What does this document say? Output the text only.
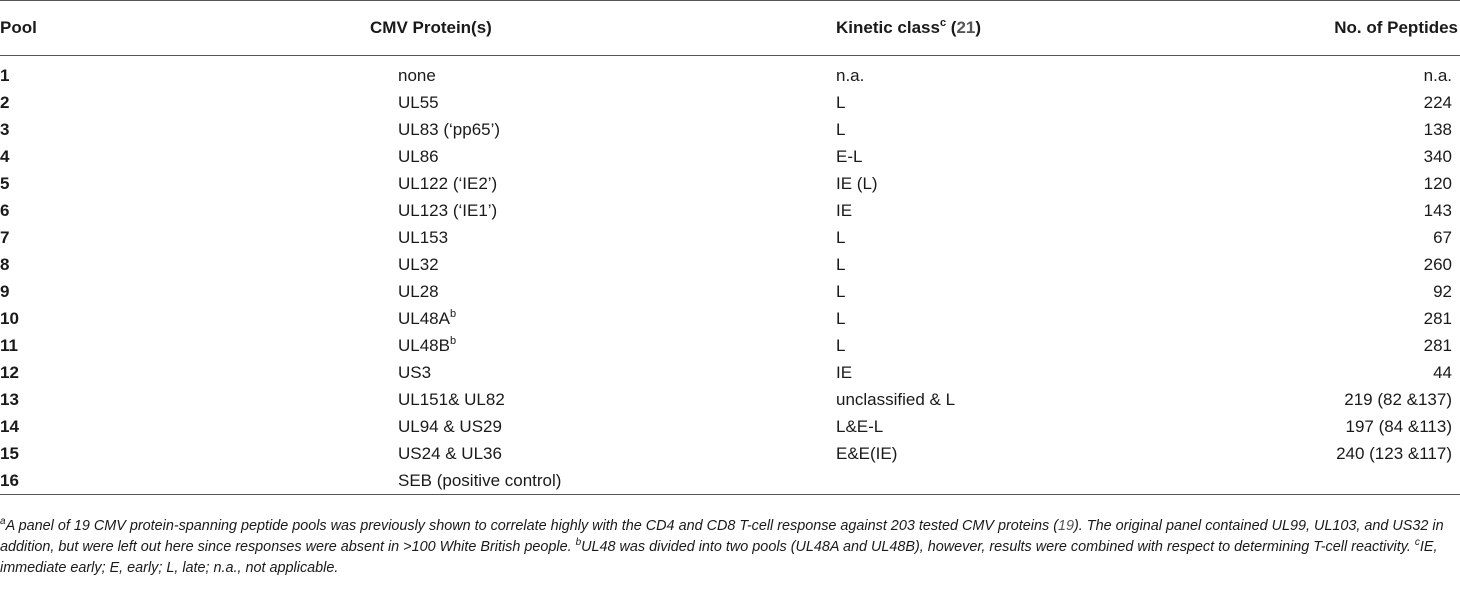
Pool	CMV Protein(s)	Kinetic class$^c$ (21)	No. of Peptides
1	none	n.a.	n.a.
2	UL55	L	224
3	UL83 (‘pp65’)	L	138
4	UL86	E-L	340
5	UL122 (‘IE2’)	IE (L)	120
6	UL123 (‘IE1’)	IE	143
7	UL153	L	67
8	UL32	L	260
9	UL28	L	92
10	$UL48A^b$	L	281
11	$UL48B^b$	L	281
12	US3	IE	44
13	UL151& UL82	unclassified & L	219 (82 &137)
14	UL94 & US29	L&E-L	197 (84 &113)
15	US24 & UL36	E&E(IE)	240 (123 &117)
16	SEB (positive control)		
$^a$A panel of 19 CMV protein-spanning peptide pools was previously shown to correlate highly with the CD4 and CD8 T-cell response against 203 tested CMV proteins (19). The original panel contained UL99, UL103, and US32 in addition, but were left out here since responses were absent in >100 White British people. $^b$UL48 was divided into two pools (UL48A and UL48B), however, results were combined with respect to determining T-cell reactivity. $^c$IE, immediate early; E, early; L, late; n.a., not applicable.
